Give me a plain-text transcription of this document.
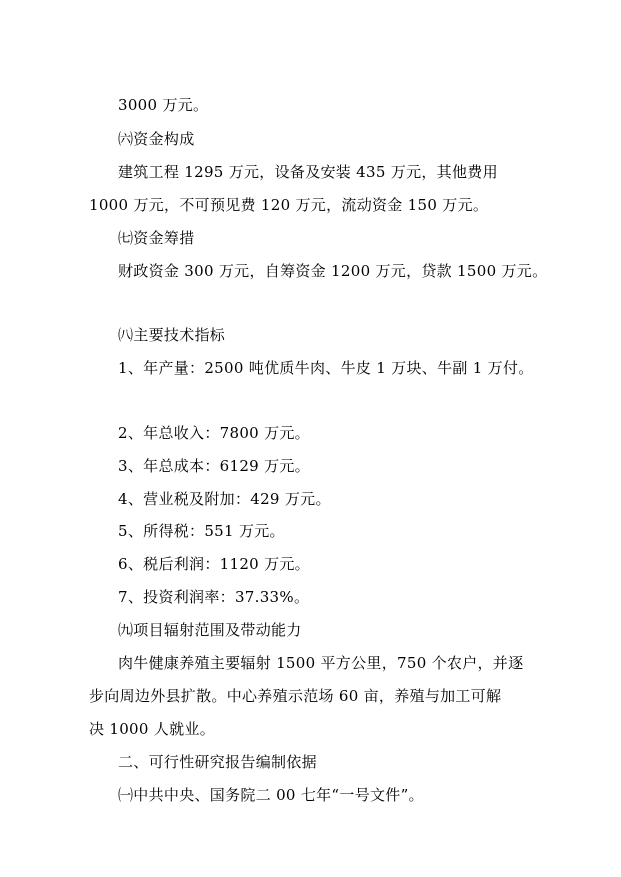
3000 万元。
㈥资金构成
建筑工程 1295 万元，设备及安装 435 万元，其他费用
1000 万元，不可预见费 120 万元，流动资金 150 万元。
㈦资金筹措
财政资金 300 万元，自筹资金 1200 万元，贷款 1500 万元。
㈧主要技术指标
1、年产量：2500 吨优质牛肉、牛皮 1 万块、牛副 1 万付。
2、年总收入：7800 万元。
3、年总成本：6129 万元。
4、营业税及附加：429 万元。
5、所得税：551 万元。
6、税后利润：1120 万元。
7、投资利润率：37.33%。
㈨项目辐射范围及带动能力
肉牛健康养殖主要辐射 1500 平方公里，750 个农户，并逐
步向周边外县扩散。中心养殖示范场 60 亩，养殖与加工可解
决 1000 人就业。
二、可行性研究报告编制依据
㈠中共中央、国务院二 00 七年“一号文件”。
